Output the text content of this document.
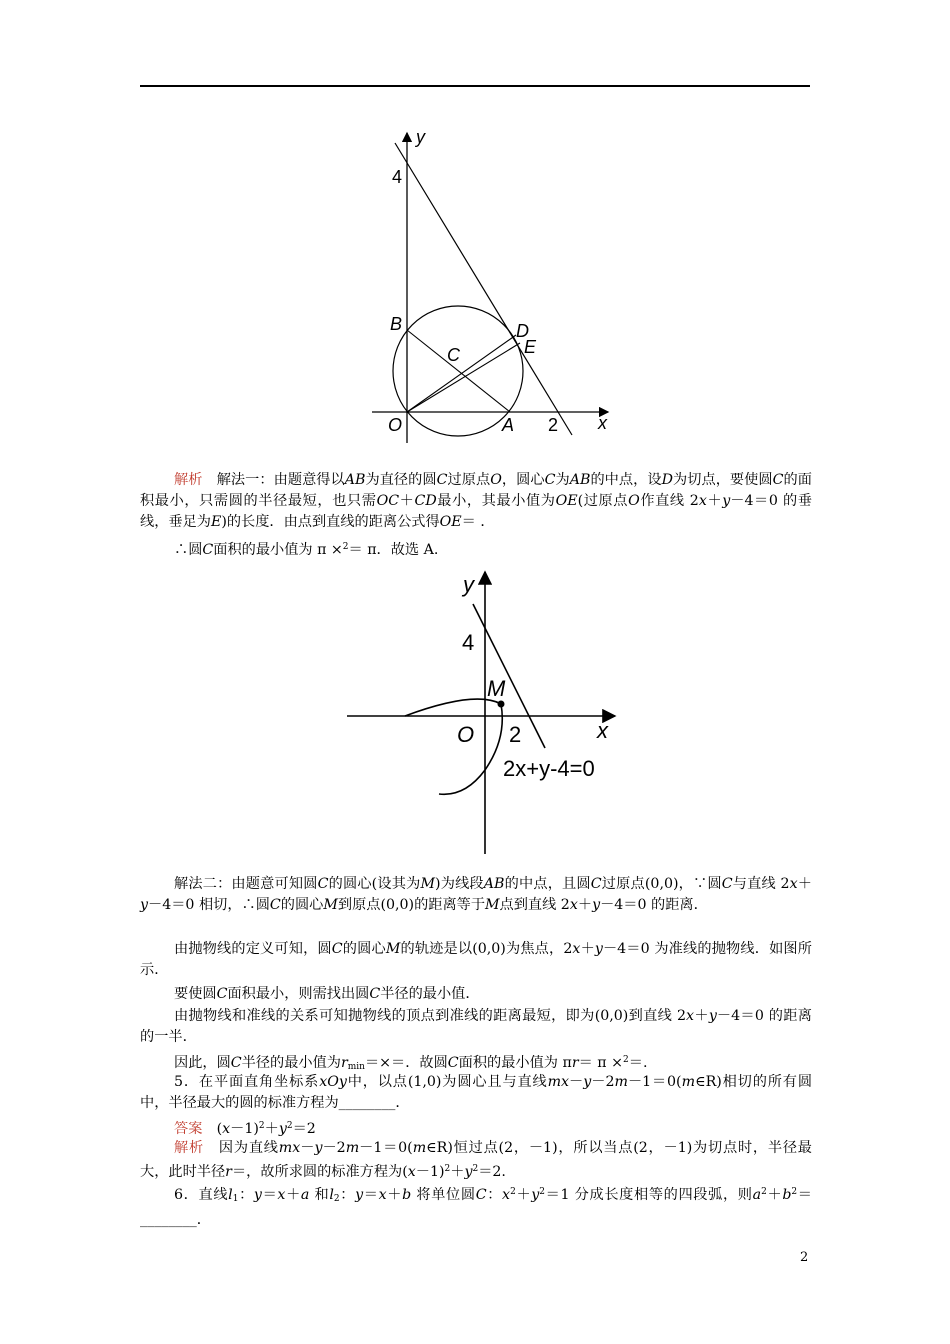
y
x
B
C
D
E
O	A
4
2
解析　解法一：由题意得以AB为直径的圆C过原点O，圆心C为AB的中点，设D为切点，要使圆C的面积最小，只需圆的半径最短，也只需OC＋CD最小，其最小值为OE(过原点O作直线 2x＋y－4＝0 的垂线，垂足为E)的长度．由点到直线的距离公式得OE＝ ．
∴圆C面积的最小值为 π ×$^2$＝ π．故选 A.
y
x
M
O
4
2
2x+y-4=0
解法二：由题意可知圆C的圆心(设其为M)为线段AB的中点，且圆C过原点(0,0)，∵圆C与直线 2x＋y－4＝0 相切，∴圆C的圆心M到原点(0,0)的距离等于M点到直线 2x＋y－4＝0 的距离．
由抛物线的定义可知，圆C的圆心M的轨迹是以(0,0)为焦点，2x＋y－4＝0 为准线的抛物线．如图所示．
要使圆C面积最小，则需找出圆C半径的最小值．
由抛物线和准线的关系可知抛物线的顶点到准线的距离最短，即为(0,0)到直线 2x＋y－4＝0 的距离的一半．
因此，圆C半径的最小值为$r_{min}=\times=$．故圆C面积的最小值为 πr＝ π ×$^2$＝.
5．在平面直角坐标系xOy中，以点(1,0)为圆心且与直线mx－y－2m－1＝0(m∈R)相切的所有圆中，半径最大的圆的标准方程为________．
答案　$(x-1)^2+y^2=2$
解析　因为直线mx－y－2m－1＝0(m∈R)恒过点(2，－1)，所以当点(2，－1)为切点时，半径最大，此时半径r＝，故所求圆的标准方程为$(x-1)^2+y^2=2$.
6．直线$l_1$：y＝x＋a 和$l_2$：y＝x＋b 将单位圆C：$x^2+y^2=1$ 分成长度相等的四段弧，则$a^2+b^2=\_\_\_\_\_\_\_\_$．
2
